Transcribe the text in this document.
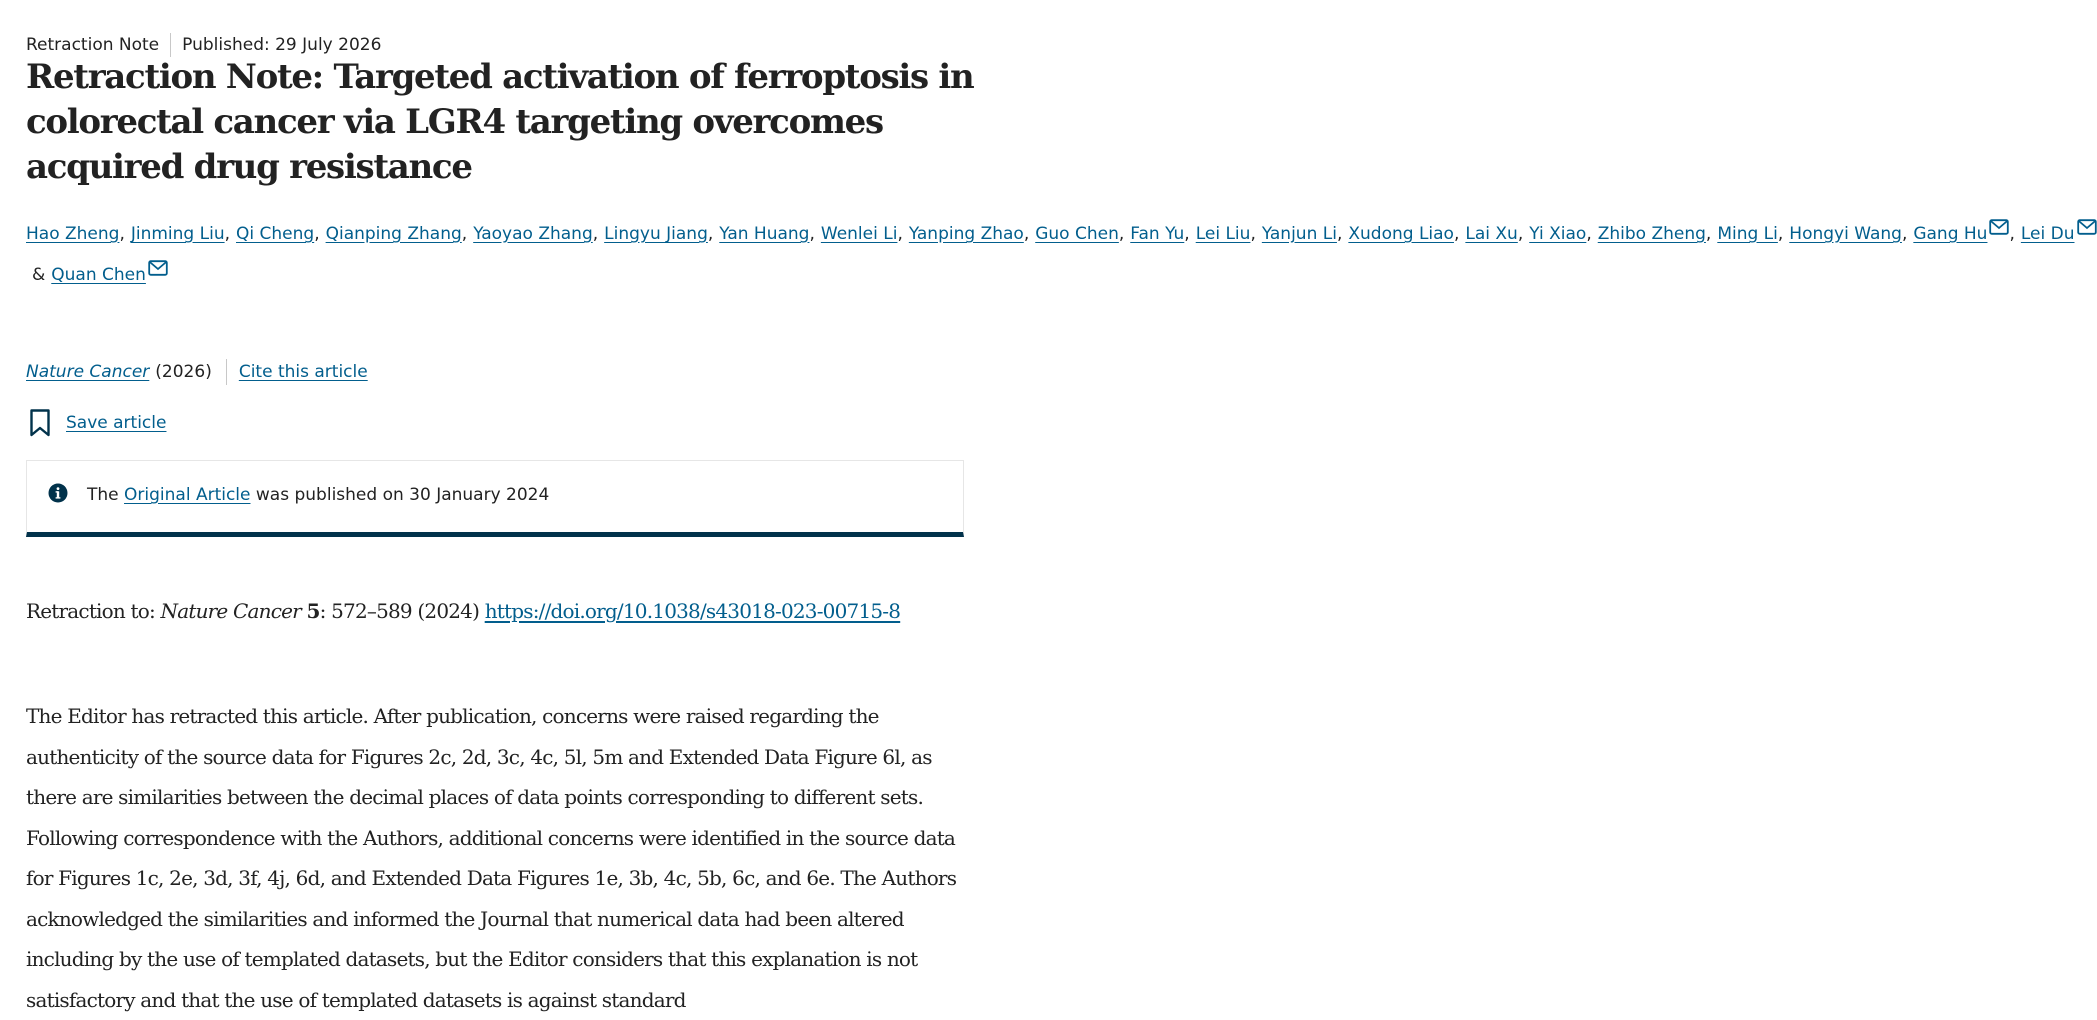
Retraction Note Published: 29 July 2026
Retraction Note: Targeted activation of ferroptosis in colorectal cancer via LGR4 targeting overcomes acquired drug resistance
Hao Zheng, Jinming Liu, Qi Cheng, Qianping Zhang, Yaoyao Zhang, Lingyu Jiang, Yan Huang, Wenlei Li, Yanping Zhao, Guo Chen, Fan Yu, Lei Liu, Yanjun Li, Xudong Liao, Lai Xu, Yi Xiao, Zhibo Zheng, Ming Li, Hongyi Wang, Gang Hu , Lei Du& Quan Chen
Nature Cancer (2026) Cite this article
Save article
The Original Article was published on 30 January 2024
Retraction to: Nature Cancer 5: 572–589 (2024) https://doi.org/10.1038/s43018-023-00715-8

The Editor has retracted this article. After publication, concerns were raised regarding the authenticity of the source data for Figures 2c, 2d, 3c, 4c, 5l, 5m and Extended Data Figure 6l, as there are similarities between the decimal places of data points corresponding to different sets. Following correspondence with the Authors, additional concerns were identified in the source data for Figures 1c, 2e, 3d, 3f, 4j, 6d, and Extended Data Figures 1e, 3b, 4c, 5b, 6c, and 6e. The Authors acknowledged the similarities and informed the Journal that numerical data had been altered including by the use of templated datasets, but the Editor considers that this explanation is not satisfactory and that the use of templated datasets is against standard
